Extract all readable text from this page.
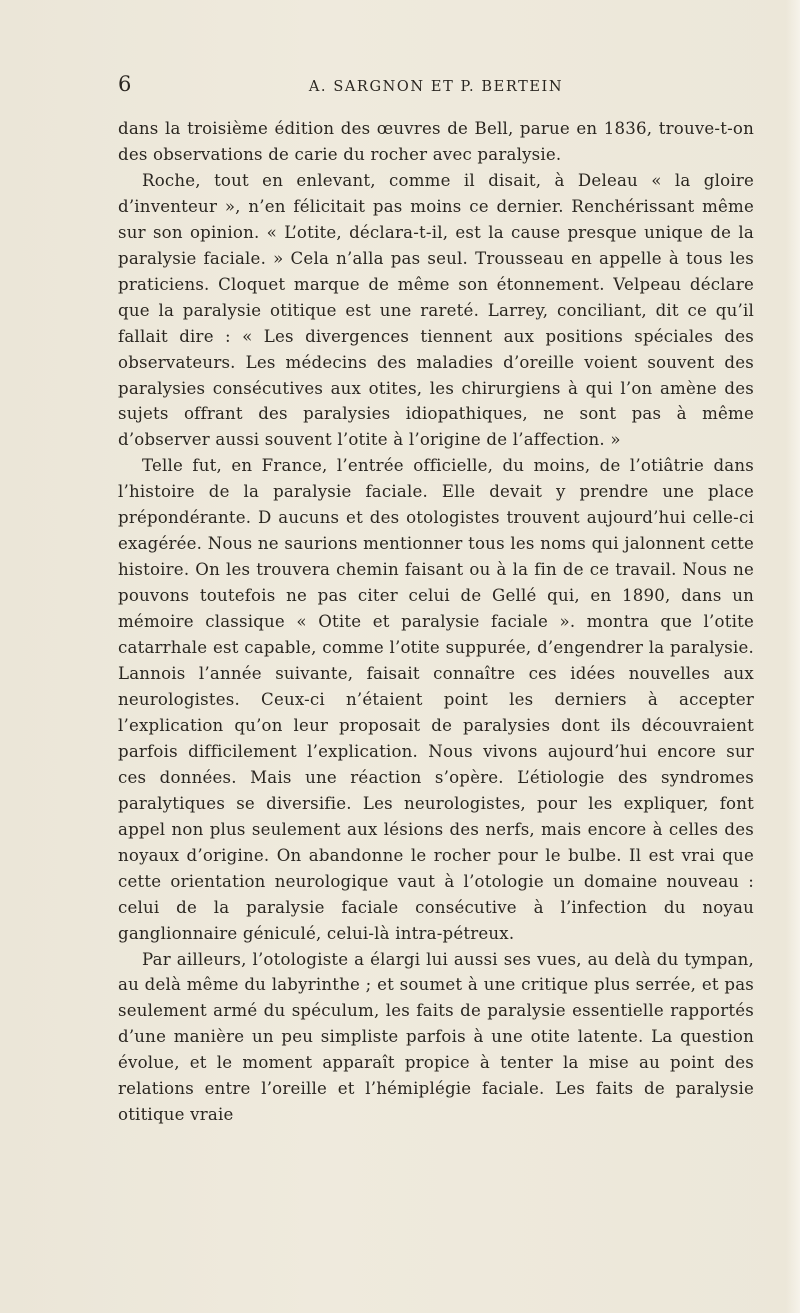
6	A. SARGNON ET P. BERTEIN

dans la troisième édition des œuvres de Bell, parue en 1836, trouve-t-on des observations de carie du rocher avec paralysie.

Roche, tout en enlevant, comme il disait, à Deleau « la gloire d’inventeur », n’en félicitait pas moins ce dernier. Renchérissant même sur son opinion. « L’otite, déclara-t-il, est la cause presque unique de la paralysie faciale. » Cela n’alla pas seul. Trousseau en appelle à tous les praticiens. Cloquet marque de même son étonnement. Velpeau déclare que la paralysie otitique est une rareté. Larrey, conciliant, dit ce qu’il fallait dire : « Les divergences tiennent aux positions spéciales des observateurs. Les médecins des maladies d’oreille voient souvent des paralysies consécutives aux otites, les chirurgiens à qui l’on amène des sujets offrant des paralysies idiopathiques, ne sont pas à même d’observer aussi souvent l’otite à l’origine de l’affection. »

Telle fut, en France, l’entrée officielle, du moins, de l’otiâtrie dans l’histoire de la paralysie faciale. Elle devait y prendre une place prépondérante. D aucuns et des otologistes trouvent aujourd’hui celle-ci exagérée. Nous ne saurions mentionner tous les noms qui jalonnent cette histoire. On les trouvera chemin faisant ou à la fin de ce travail. Nous ne pouvons toutefois ne pas citer celui de Gellé qui, en 1890, dans un mémoire classique « Otite et paralysie faciale ». montra que l’otite catarrhale est capable, comme l’otite suppurée, d’engendrer la paralysie. Lannois l’année suivante, faisait connaître ces idées nouvelles aux neurologistes. Ceux-ci n’étaient point les derniers à accepter l’explication qu’on leur proposait de paralysies dont ils découvraient parfois difficilement l’explication. Nous vivons aujourd’hui encore sur ces données. Mais une réaction s’opère. L’étiologie des syndromes paralytiques se diversifie. Les neurologistes, pour les expliquer, font appel non plus seulement aux lésions des nerfs, mais encore à celles des noyaux d’origine. On abandonne le rocher pour le bulbe. Il est vrai que cette orientation neurologique vaut à l’otologie un domaine nouveau : celui de la paralysie faciale consécutive à l’infection du noyau ganglionnaire géniculé, celui-là intra-pétreux.

Par ailleurs, l’otologiste a élargi lui aussi ses vues, au delà du tympan, au delà même du labyrinthe ; et soumet à une critique plus serrée, et pas seulement armé du spéculum, les faits de paralysie essentielle rapportés d’une manière un peu simpliste parfois à une otite latente. La question évolue, et le moment apparaît propice à tenter la mise au point des relations entre l’oreille et l’hémiplégie faciale. Les faits de paralysie otitique vraie
